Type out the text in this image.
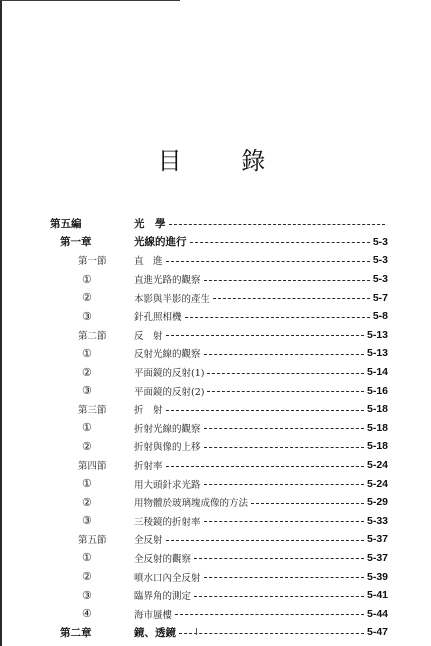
目 錄
第五編	光　學
第一章	光線的進行	5-3
第一節	直　進	5-3
①	直進光路的觀察	5-3
②	本影與半影的產生	5-7
③	針孔照相機	5-8
第二節	反　射	5-13
①	反射光線的觀察	5-13
②	平面鏡的反射(1)	5-14
③	平面鏡的反射(2)	5-16
第三節	折　射	5-18
①	折射光線的觀察	5-18
②	折射與像的上移	5-18
第四節	折射率	5-24
①	用大頭針求光路	5-24
②	用物體於玻璃塊成像的方法	5-29
③	三稜鏡的折射率	5-33
第五節	全反射	5-37
①	全反射的觀察	5-37
②	噴水口內全反射	5-39
③	臨界角的測定	5-41
④	海市蜃樓	5-44
第二章	鏡、透鏡	5-47
